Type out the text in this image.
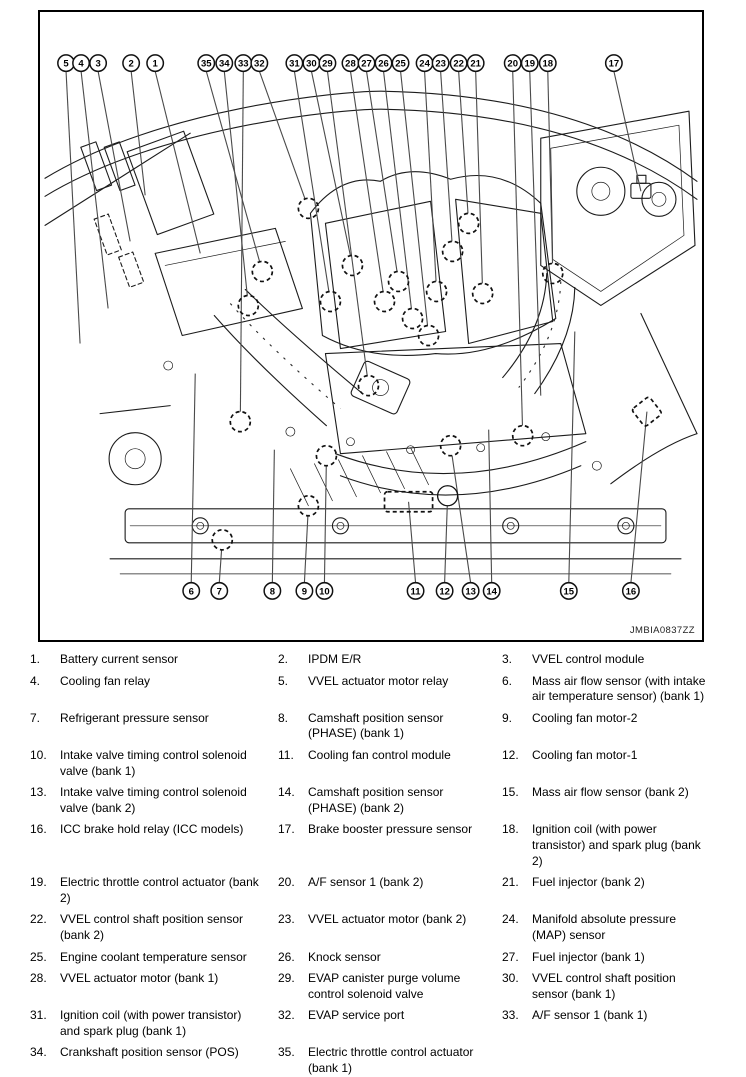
5 4 3	2 1	35 34 33 32	31 30 29 28 27 26 25 24 23 22 21	20 19 18	17
6 7	8	9 10	11 12 13 14	15	16
JMBIA0837ZZ
1.	Battery current sensor	2.	IPDM E/R	3.	VVEL control module
4.	Cooling fan relay	5.	VVEL actuator motor relay	6.	Mass air flow sensor (with intake air temperature sensor) (bank 1)
7.	Refrigerant pressure sensor	8.	Camshaft position sensor (PHASE) (bank 1)
9.	Cooling fan motor-2
10.	Intake valve timing control solenoid valve (bank 1)
11.	Cooling fan control module	12.	Cooling fan motor-1
13.	Intake valve timing control solenoid valve (bank 2)
14.	Camshaft position sensor (PHASE) (bank 2)
15.	Mass air flow sensor (bank 2)
16.	ICC brake hold relay (ICC models)	17.	Brake booster pressure sensor	18.	Ignition coil (with power transistor) and spark plug (bank 2)
19.	Electric throttle control actuator (bank 2)
20.	A/F sensor 1 (bank 2)	21.	Fuel injector (bank 2)
22.	VVEL control shaft position sensor (bank 2)
23.	VVEL actuator motor (bank 2)	24.	Manifold absolute pressure (MAP) sensor
25.	Engine coolant temperature sensor	26.	Knock sensor	27.	Fuel injector (bank 1)
28.	VVEL actuator motor (bank 1)	29.	EVAP canister purge volume control solenoid valve
30.	VVEL control shaft position sensor (bank 1)
31.	Ignition coil (with power transistor) and spark plug (bank 1)
32.	EVAP service port	33.	A/F sensor 1 (bank 1)
34.	Crankshaft position sensor (POS)	35.	Electric throttle control actuator (bank 1)
